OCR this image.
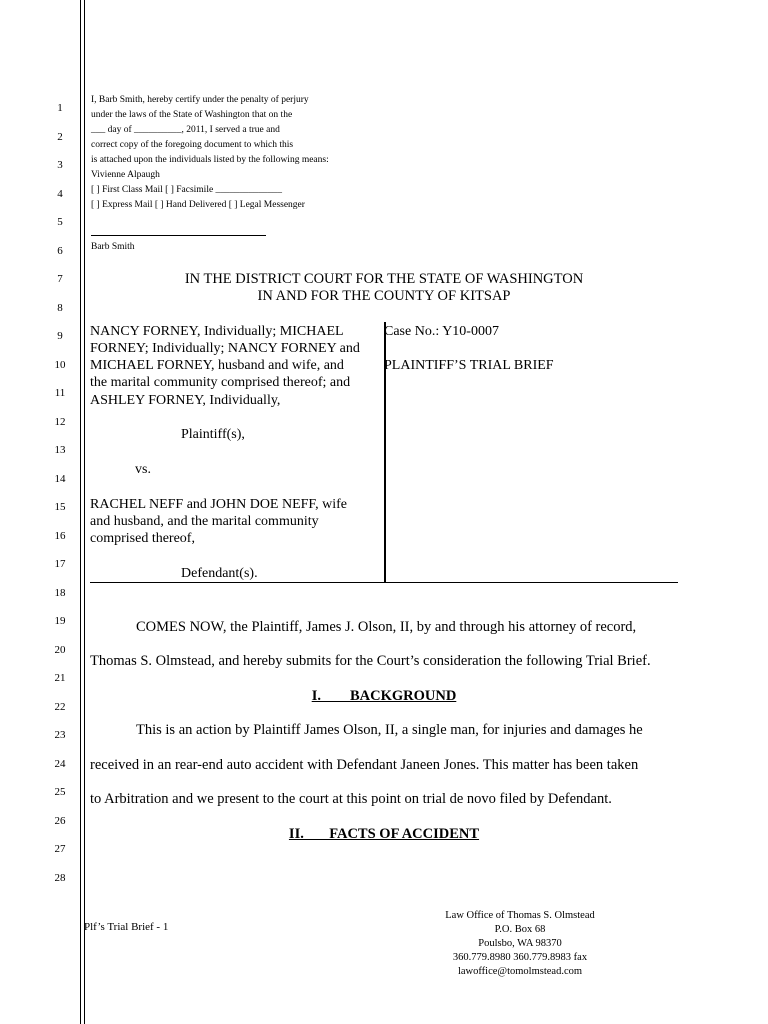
1
2
3
4
5
6
7
8
9
10
11
12
13
14
15
16
17
18
19
20
21
22
23
24
25
26
27
28
I, Barb Smith, hereby certify under the penalty of perjury
under the laws of the State of Washington that on the
___ day of __________, 2011, I served a true and
correct copy of the foregoing document to which this
is attached upon the individuals listed by the following means:
Vivienne Alpaugh
[ ] First Class Mail [ ] Facsimile ______________
[ ] Express Mail [ ] Hand Delivered [ ] Legal Messenger
Barb Smith
IN THE DISTRICT COURT FOR THE STATE OF WASHINGTON
IN AND FOR THE COUNTY OF KITSAP
NANCY FORNEY, Individually; MICHAEL
FORNEY; Individually; NANCY FORNEY and
MICHAEL FORNEY, husband and wife, and
the marital community comprised thereof; and
ASHLEY FORNEY, Individually,
Plaintiff(s),
vs.
RACHEL NEFF and JOHN DOE NEFF, wife
and husband, and the marital community
comprised thereof,
Defendant(s).
Case No.: Y10-0007
PLAINTIFF’S TRIAL BRIEF
COMES NOW, the Plaintiff, James J. Olson, II, by and through his attorney of record,
Thomas S. Olmstead, and hereby submits for the Court’s consideration the following Trial Brief.
I.        BACKGROUND
This is an action by Plaintiff James Olson, II, a single man, for injuries and damages he
received in an rear-end auto accident with Defendant Janeen Jones. This matter has been taken
to Arbitration and we present to the court at this point on trial de novo filed by Defendant.
II.       FACTS OF ACCIDENT
Plf’s Trial Brief - 1
Law Office of Thomas S. Olmstead
P.O. Box 68
Poulsbo, WA 98370
360.779.8980 360.779.8983 fax
lawoffice@tomolmstead.com
